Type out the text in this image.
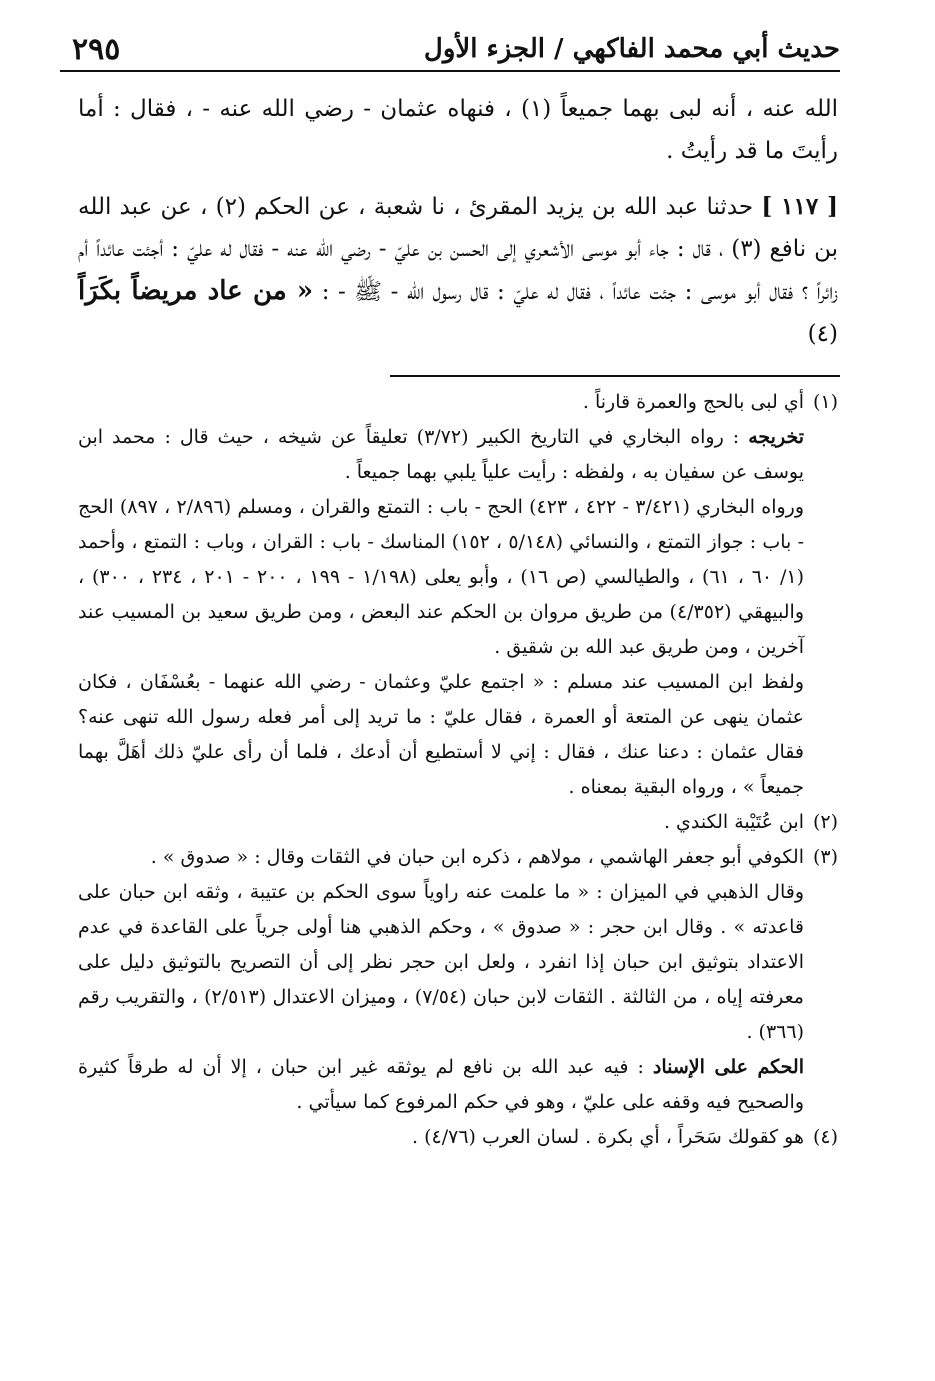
حديث أبي محمد الفاكهي / الجزء الأول
٢٩٥

الله عنه ، أنه لبى بهما جميعاً (١) ، فنهاه عثمان - رضي الله عنه - ، فقال : أما رأيتَ ما قد رأيتُ .

[ ١١٧ ] حدثنا عبد الله بن يزيد المقرئ ، نا شعبة ، عن الحكم (٢) ، عن عبد الله بن نافع (٣) ، قال : جاء أبو موسى الأشعري إلى الحسن بن عليّ - رضي الله عنه - فقال له عليّ : أجئت عائداً أم زائراً ؟ فقال أبو موسى : جئت عائداً ، فقال له عليّ : قال رسول الله - ﷺ - : « من عاد مريضاً بكَرَاً (٤)

(١)

أي لبى بالحج والعمرة قارناً .

تخريجه : رواه البخاري في التاريخ الكبير (٣/٧٢) تعليقاً عن شيخه ، حيث قال : محمد ابن يوسف عن سفيان به ، ولفظه : رأيت علياً يلبي بهما جميعاً .

ورواه البخاري (٣/٤٢١ - ٤٢٢ ، ٤٢٣) الحج - باب : التمتع والقران ، ومسلم (٢/٨٩٦ ، ٨٩٧) الحج - باب : جواز التمتع ، والنسائي (٥/١٤٨ ، ١٥٢) المناسك - باب : القران ، وباب : التمتع ، وأحمد (١/ ٦٠ ، ٦١) ، والطيالسي (ص ١٦) ، وأبو يعلى (١/١٩٨ - ١٩٩ ، ٢٠٠ - ٢٠١ ، ٢٣٤ ، ٣٠٠) ، والبيهقي (٤/٣٥٢) من طريق مروان بن الحكم عند البعض ، ومن طريق سعيد بن المسيب عند آخرين ، ومن طريق عبد الله بن شقيق .

ولفظ ابن المسيب عند مسلم : « اجتمع عليّ وعثمان - رضي الله عنهما - بعُسْفَان ، فكان عثمان ينهى عن المتعة أو العمرة ، فقال عليّ : ما تريد إلى أمر فعله رسول الله تنهى عنه؟ فقال عثمان : دعنا عنك ، فقال : إني لا أستطيع أن أدعك ، فلما أن رأى عليّ ذلك أهَلَّ بهما جميعاً » ، ورواه البقية بمعناه .

(٢)

ابن عُتَيْبة الكندي .

(٣)

الكوفي أبو جعفر الهاشمي ، مولاهم ، ذكره ابن حبان في الثقات وقال : « صدوق » .

وقال الذهبي في الميزان : « ما علمت عنه راوياً سوى الحكم بن عتيبة ، وثقه ابن حبان على قاعدته » . وقال ابن حجر : « صدوق » ، وحكم الذهبي هنا أولى جرياً على القاعدة في عدم الاعتداد بتوثيق ابن حبان إذا انفرد ، ولعل ابن حجر نظر إلى أن التصريح بالتوثيق دليل على معرفته إياه ، من الثالثة . الثقات لابن حبان (٧/٥٤) ، وميزان الاعتدال (٢/٥١٣) ، والتقريب رقم (٣٦٦) .

الحكم على الإسناد : فيه عبد الله بن نافع لم يوثقه غير ابن حبان ، إلا أن له طرقاً كثيرة والصحيح فيه وقفه على عليّ ، وهو في حكم المرفوع كما سيأتي .

(٤)

هو كقولك سَحَراً ، أي بكرة . لسان العرب (٤/٧٦) .
